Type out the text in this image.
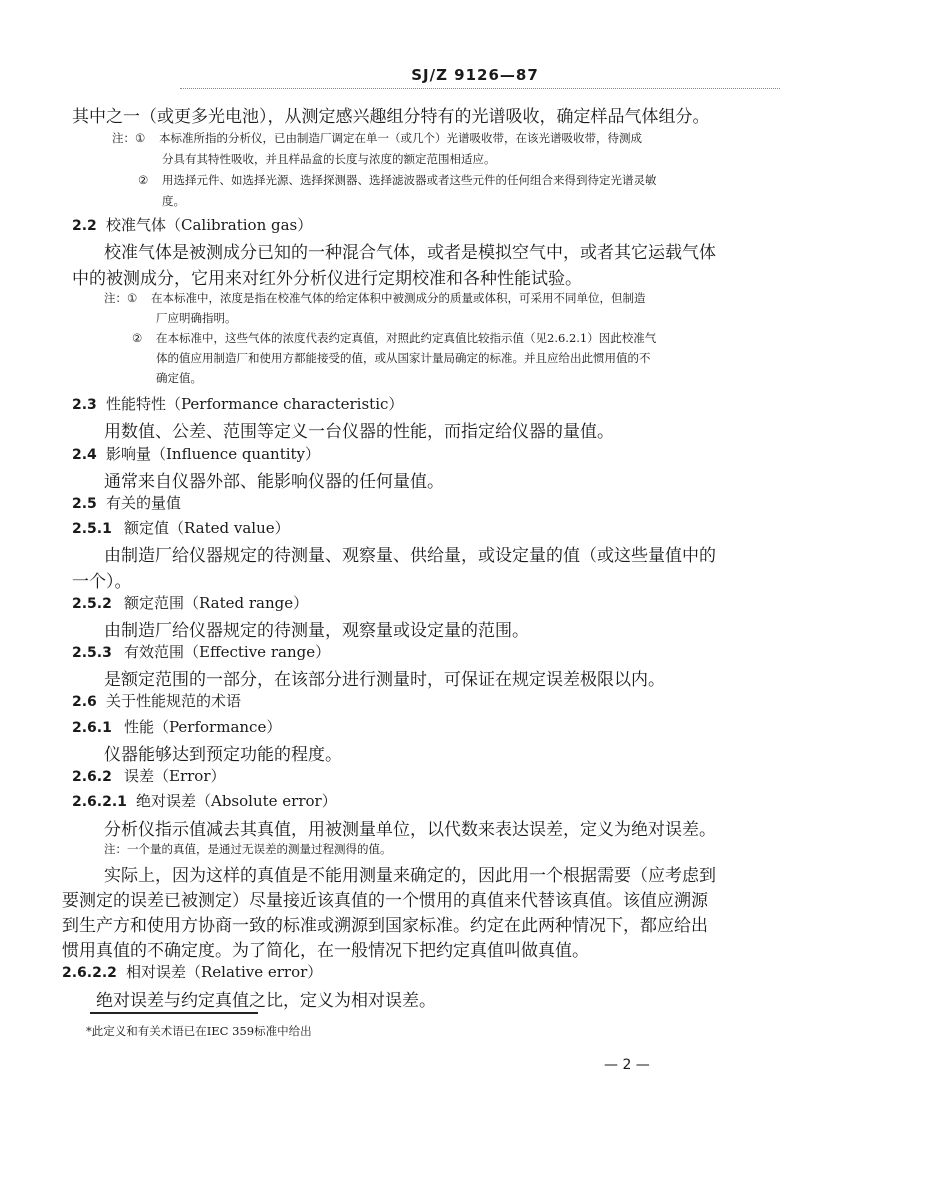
SJ/Z 9126—87
其中之一（或更多光电池），从测定感兴趣组分特有的光谱吸收，确定样品气体组分。
注：① 本标准所指的分析仪，已由制造厂调定在单一（或几个）光谱吸收带，在该光谱吸收带，待测成
分具有其特性吸收，并且样品盒的长度与浓度的额定范围相适应。
② 用选择元件、如选择光源、选择探测器、选择滤波器或者这些元件的任何组合来得到待定光谱灵敏
度。
2.2 校准气体（Calibration gas）
校准气体是被测成分已知的一种混合气体，或者是模拟空气中，或者其它运载气体
中的被测成分，它用来对红外分析仪进行定期校准和各种性能试验。
注：① 在本标准中，浓度是指在校准气体的给定体积中被测成分的质量或体积，可采用不同单位，但制造
厂应明确指明。
② 在本标准中，这些气体的浓度代表约定真值，对照此约定真值比较指示值（见2.6.2.1）因此校准气
体的值应用制造厂和使用方都能接受的值，或从国家计量局确定的标准。并且应给出此惯用值的不
确定值。
2.3 性能特性（Performance characteristic）
用数值、公差、范围等定义一台仪器的性能，而指定给仪器的量值。
2.4 影响量（Influence quantity）
通常来自仪器外部、能影响仪器的任何量值。
2.5 有关的量值
2.5.1 额定值（Rated value）
由制造厂给仪器规定的待测量、观察量、供给量，或设定量的值（或这些量值中的
一个）。
2.5.2 额定范围（Rated range）
由制造厂给仪器规定的待测量，观察量或设定量的范围。
2.5.3 有效范围（Effective range）
是额定范围的一部分，在该部分进行测量时，可保证在规定误差极限以内。
2.6 关于性能规范的术语
2.6.1 性能（Performance）
仪器能够达到预定功能的程度。
2.6.2 误差（Error）
2.6.2.1 绝对误差（Absolute error）
分析仪指示值减去其真值，用被测量单位，以代数来表达误差，定义为绝对误差。
注：一个量的真值，是通过无误差的测量过程测得的值。
实际上，因为这样的真值是不能用测量来确定的，因此用一个根据需要（应考虑到
要测定的误差已被测定）尽量接近该真值的一个惯用的真值来代替该真值。该值应溯源
到生产方和使用方协商一致的标准或溯源到国家标准。约定在此两种情况下，都应给出
惯用真值的不确定度。为了简化，在一般情况下把约定真值叫做真值。
2.6.2.2 相对误差（Relative error）
绝对误差与约定真值之比，定义为相对误差。
*此定义和有关术语已在IEC 359标准中给出
— 2 —
